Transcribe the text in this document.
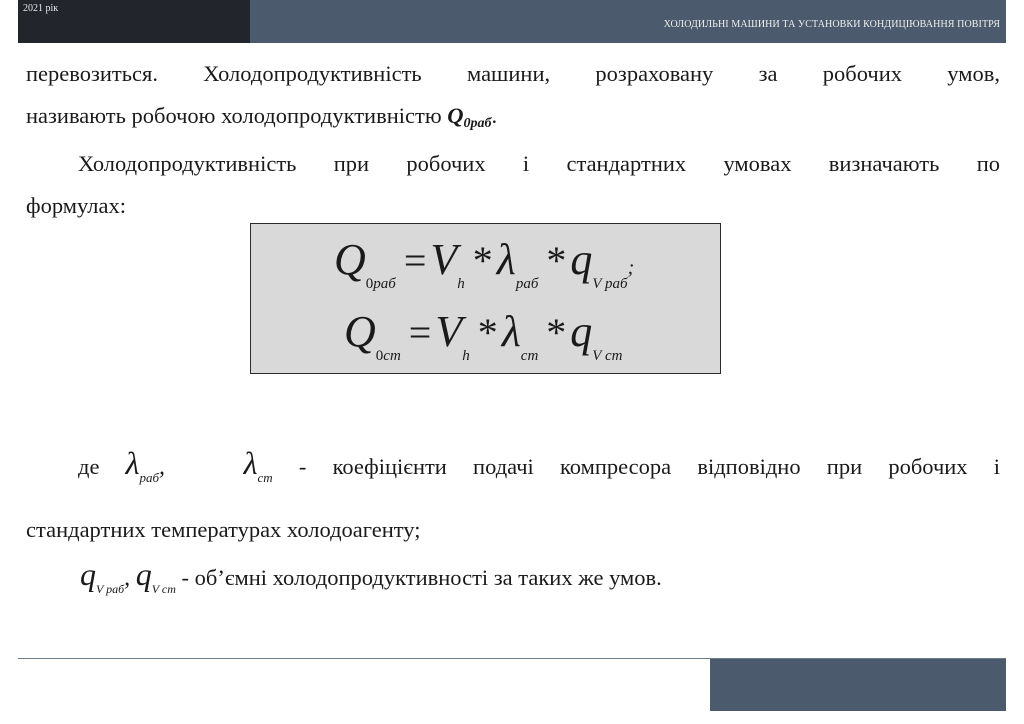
2021 рік
ХОЛОДИЛЬНІ МАШИНИ ТА УСТАНОВКИ КОНДИЦІЮВАННЯ ПОВІТРЯ
перевозиться. Холодопродуктивність машини, розраховану за робочих умов,
називають робочою холодопродуктивністю Q0раб.
Холодопродуктивність при робочих і стандартних умовах визначають по
формулах:
Q0раб =Vh *λраб *qV раб;
Q0ст =Vh *λст *qV ст
де $\lambda_{раб}$, $\lambda_{ст}$ - коефіцієнти подачі компресора відповідно при робочих і
стандартних температурах холодоагенту;
$q_{V раб}$, $q_{V ст}$ - об’ємні холодопродуктивності за таких же умов.
